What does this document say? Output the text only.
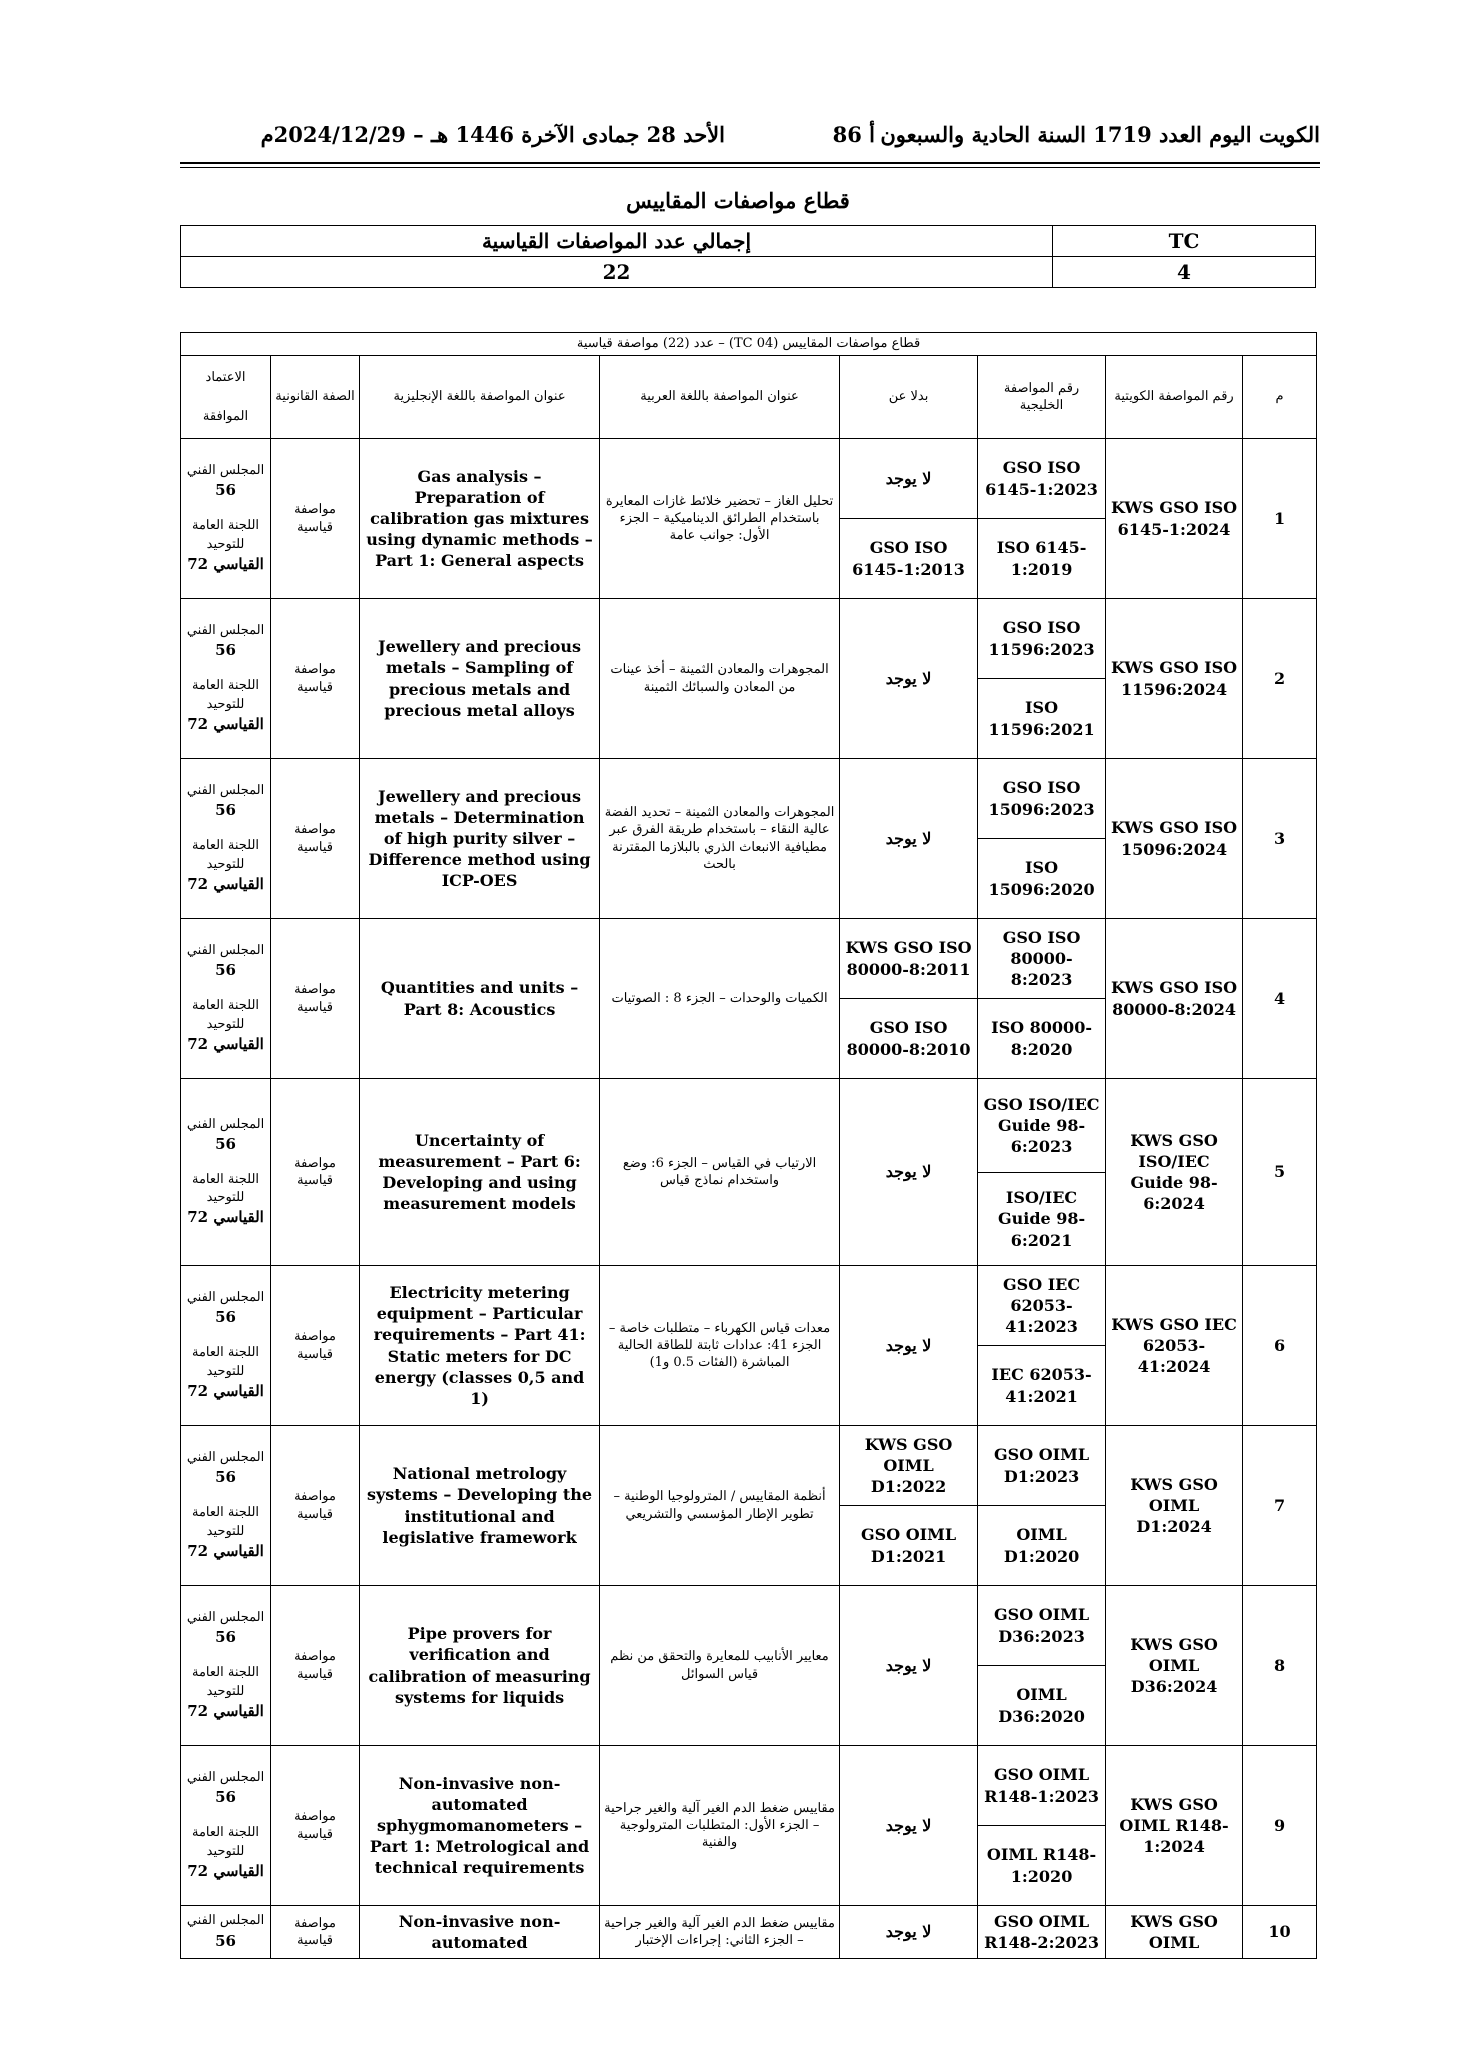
الكويت اليوم العدد 1719 السنة الحادية والسبعون
أ 86
الأحد 28 جمادى الآخرة 1446 هـ – 2024/12/29م
قطاع مواصفات المقاييس
TC	إجمالي عدد المواصفات القياسية
4	22
قطاع مواصفات المقاييس (TC 04) – عدد (22) مواصفة قياسية							
م	رقم المواصفة الكويتية	رقم المواصفة الخليجية	بدلا عن	عنوان المواصفة باللغة العربية	عنوان المواصفة باللغة الإنجليزية	الصفة القانونية	الاعتماد
الموافقة

1	KWS GSO ISO 6145-1:2024	GSO ISO 6145-1:2023	لا يوجد	تحليل الغاز – تحضير خلائط غازات المعايرة باستخدام الطرائق الديناميكية – الجزء الأول: جوانب عامة	Gas analysis – Preparation of calibration gas mixtures using dynamic methods – Part 1: General aspects	مواصفة قياسية	المجلس الفني
56
اللجنة العامة للتوحيد
القياسي 72
		ISO 6145-1:2019	GSO ISO 6145-1:2013				
2	KWS GSO ISO 11596:2024	GSO ISO 11596:2023	لا يوجد	المجوهرات والمعادن الثمينة – أخذ عينات من المعادن والسبائك الثمينة	Jewellery and precious metals – Sampling of precious metals and precious metal alloys	مواصفة قياسية	المجلس الفني
56
اللجنة العامة للتوحيد
القياسي 72
		ISO 11596:2021					
3	KWS GSO ISO 15096:2024	GSO ISO 15096:2023	لا يوجد	المجوهرات والمعادن الثمينة – تحديد الفضة عالية النقاء – باستخدام طريقة الفرق عبر مطيافية الانبعاث الذري بالبلازما المقترنة بالحث	Jewellery and precious metals – Determination of high purity silver – Difference method using ICP-OES	مواصفة قياسية	المجلس الفني
56
اللجنة العامة للتوحيد
القياسي 72
		ISO 15096:2020					
4	KWS GSO ISO 80000-8:2024	GSO ISO 80000-8:2023	KWS GSO ISO 80000-8:2011	الكميات والوحدات – الجزء 8 : الصوتيات	Quantities and units – Part 8: Acoustics	مواصفة قياسية	المجلس الفني
56
اللجنة العامة للتوحيد
القياسي 72
		ISO 80000-8:2020	GSO ISO 80000-8:2010				
5	KWS GSO ISO/IEC Guide 98-6:2024	GSO ISO/IEC Guide 98-6:2023	لا يوجد	الارتياب في القياس – الجزء 6: وضع واستخدام نماذج قياس	Uncertainty of measurement – Part 6: Developing and using measurement models	مواصفة قياسية	المجلس الفني
56
اللجنة العامة للتوحيد
القياسي 72
		ISO/IEC Guide 98-6:2021					
6	KWS GSO IEC 62053-41:2024	GSO IEC 62053-41:2023	لا يوجد	معدات قياس الكهرباء – متطلبات خاصة – الجزء 41: عدادات ثابتة للطاقة الحالية المباشرة (الفئات 0.5 و1)	Electricity metering equipment – Particular requirements – Part 41: Static meters for DC energy (classes 0,5 and 1)	مواصفة قياسية	المجلس الفني
56
اللجنة العامة للتوحيد
القياسي 72
		IEC 62053-41:2021					
7	KWS GSO OIML D1:2024	GSO OIML D1:2023	KWS GSO OIML D1:2022	أنظمة المقاييس / المترولوجيا الوطنية – تطوير الإطار المؤسسي والتشريعي	National metrology systems – Developing the institutional and legislative framework	مواصفة قياسية	المجلس الفني
56
اللجنة العامة للتوحيد
القياسي 72
		OIML D1:2020	GSO OIML D1:2021				
8	KWS GSO OIML D36:2024	GSO OIML D36:2023	لا يوجد	معايير الأنابيب للمعايرة والتحقق من نظم قياس السوائل	Pipe provers for verification and calibration of measuring systems for liquids	مواصفة قياسية	المجلس الفني
56
اللجنة العامة للتوحيد
القياسي 72
		OIML D36:2020					
9	KWS GSO OIML R148-1:2024	GSO OIML R148-1:2023	لا يوجد	مقاييس ضغط الدم الغير آلية والغير جراحية – الجزء الأول: المتطلبات المترولوجية والفنية	Non-invasive non-automated sphygmomanometers – Part 1: Metrological and technical requirements	مواصفة قياسية	المجلس الفني
56
اللجنة العامة للتوحيد
القياسي 72
		OIML R148-1:2020					
10	KWS GSO OIML	GSO OIML R148-2:2023	لا يوجد	مقاييس ضغط الدم الغير آلية والغير جراحية – الجزء الثاني: إجراءات الإختبار	Non-invasive non-automated	مواصفة قياسية	المجلس الفني
56
